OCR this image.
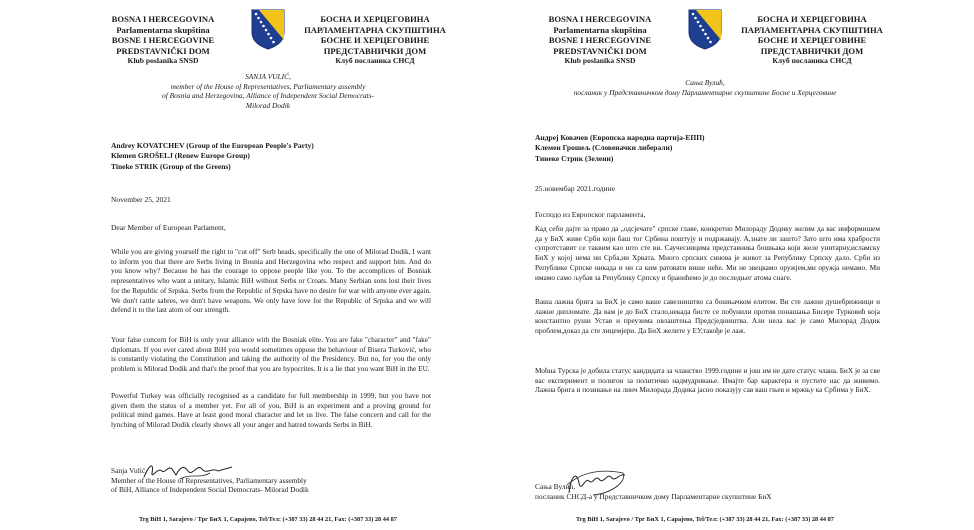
BOSNA I HERCEGOVINA
Parlamentarna skupština
BOSNE I HERCEGOVINE
PREDSTAVNIČKI DOM
Klub poslanika SNSD
БОСНА И ХЕРЦЕГОВИНА
ПАРЛАМЕНТАРНА СКУПШТИНА
БОСНЕ И ХЕРЦЕГОВИНЕ
ПРЕДСТАВНИЧКИ ДОМ
Клуб посланика СНСД
SANJA VULIĆ,
member of the House of Representatives, Parliamentary assembly
of Bosnia and Herzegovina, Alliance of Independent Social Democrats- Milorad Dodik
Andrey KOVATCHEV (Group of the European People's Party)
Klemen GROŠELJ (Renew Europe Group)
Tineke STRIK (Group of the Greens)
November 25, 2021
Dear Member of European Parlament,

While you are giving yourself the right to "cut off" Serb heads, specifically the one of Milorad Dodik, I want to inform you that there are Serbs living in Bosnia and Herzegovina who respect and support him. And do you know why? Because he has the courage to oppose people like you. To the accomplices of Bosniak representatives who want a unitary, Islamic BiH without Serbs or Croats. Many Serbian sons lost their lives for the Republic of Srpska. Serbs from the Republic of Srpska have no desire for war with anyone ever again. We don't rattle sabres, we don't have weapons. We only have love for the Republic of Srpska and we will defend it to the last atom of our strength.

Your false concern for BiH is only your alliance with the Bosniak elite. You are fake "character" and "fake" diplomats. If you ever cared about BiH you would sometimes oppose the behaviour of Bisera Turković, who is constantly violating the Constitution and taking the authority of the Presidency. But no, for you the only problem is Milorad Dodik and that's the proof that you are hypocrites. It is a lie that you want BiH in the EU.

Powerful Turkey was officially recognised as a candidate for full membership in 1999, but you have not given them the status of a member yet. For all of you, BiH is an experiment and a proving ground for political mind games. Have at least good moral character and let us live. The false concern and call for the lynching of Milorad Dodik clearly shows all your anger and hatred towards Serbs in BiH.

Sanja Vulić,
Member of the House of Representatives, Parliamentary assembly
of BiH, Alliance of Independent Social Democrats- Milorad Dodik
Trg BiH 1, Sarajevo / Трг БиХ 1, Сарајево, Tel/Тел: (+387 33) 28 44 21, Fax: (+387 33) 28 44 87
BOSNA I HERCEGOVINA
Parlamentarna skupština
BOSNE I HERCEGOVINE
PREDSTAVNIČKI DOM
Klub poslanika SNSD
БОСНА И ХЕРЦЕГОВИНА
ПАРЛАМЕНТАРНА СКУПШТИНА
БОСНЕ И ХЕРЦЕГОВИНЕ
ПРЕДСТАВНИЧКИ ДОМ
Клуб посланика СНСД
Сања Вулић,
посланик у Представничком дому Парламентарне скупштине Босне и Херцеговине
Андреј Ковачев (Европска народна партија-ЕПП)
Клемен Грошељ (Словеначки либерали)
Тинеке Стрик (Зелени)
25.новембар 2021.године
Господо из Европског парламента,

Кад себи дајте за право да „одсјечате" српске главе, конкретно Милораду Додику желим да вас информишем да у БиХ живе Срби који баш тог Србина поштују и подржавају. А,знате ли зашто? Зато што има храбрости супротставит се таквим као што сте ви. Саучесницима представника бошњака који желе унитарну,исламску БиХ у којој нема ни Срба,ни Хрвата. Много српских синова је живот за Републику Српску дало. Срби из Републике Српске никада и ни са ким ратовати више неће. Ми не звецкамо оружјем,ми оружја немамо. Ми имамо само љубав за Републику Српску и бранићемо је до последњег атома снаге.

Ваша лажна брига за БиХ је само ваше савезништво са бошњачком елитом. Ви сте лажни душебрижници и лажне дипломате. Да вам је до БиХ стало,некада бисте се побунили против понашања Бисере Турковић која константно руши Устав и преузима овлаштења Предсједништва. Али нела вас је само Милорад Додик проблем,доказ да сте лицемјери. Да БиХ желите у ЕУ,такође је лаж.

Моћна Турска је добила статус кандидата за чланство 1999.године и још им не дате статус члана. БиХ је за све вас експеримент и полигон за политичко надмудривање. Имајте бар карактера и пустите нас да живимо. Лажна брига и позивање на линч Милорада Додика јасно показују сав ваш гњев и мржњу ка Србима у БиХ.

Сања Вулић,
посланик СНСД-а у Представничком дому Парламентарне скупштине БиХ
Trg BiH 1, Sarajevo / Трг БиХ 1, Сарајево, Tel/Тел: (+387 33) 28 44 21, Fax: (+387 33) 28 44 87
